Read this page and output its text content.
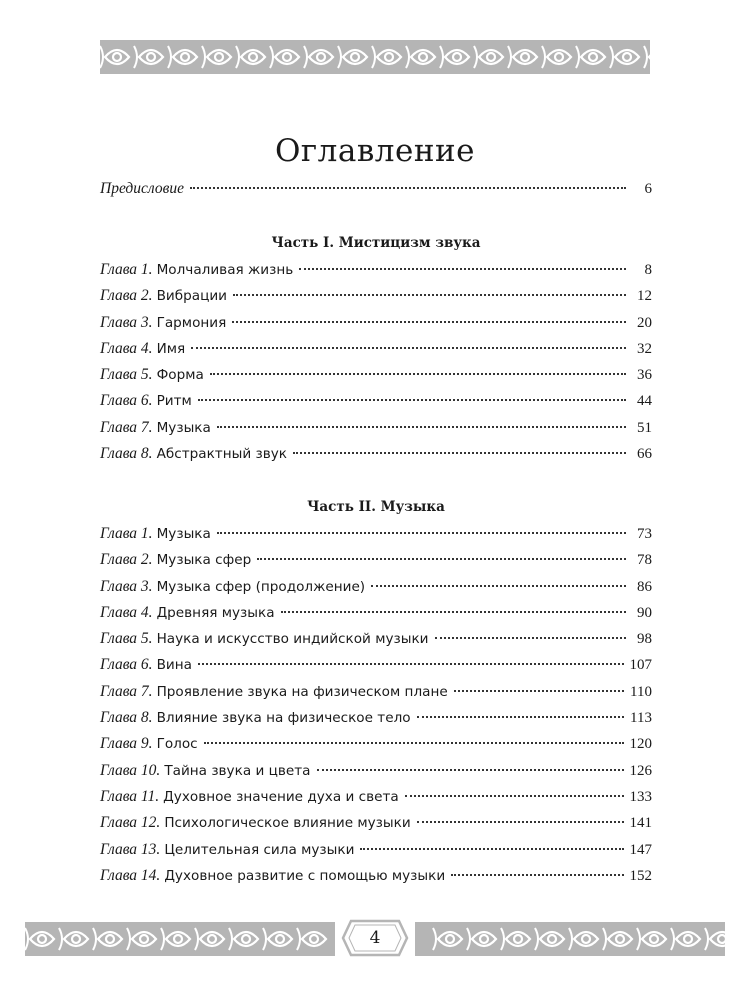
Оглавление
Предисловие	6
Часть I. Мистицизм звука
Глава 1. Молчаливая жизнь	8
Глава 2. Вибрации	12
Глава 3. Гармония	20
Глава 4. Имя	32
Глава 5. Форма	36
Глава 6. Ритм	44
Глава 7. Музыка	51
Глава 8. Абстрактный звук	66
Часть II. Музыка
Глава 1. Музыка	73
Глава 2. Музыка сфер	78
Глава 3. Музыка сфер (продолжение)	86
Глава 4. Древняя музыка	90
Глава 5. Наука и искусство индийской музыки	98
Глава 6. Вина	107
Глава 7. Проявление звука на физическом плане	110
Глава 8. Влияние звука на физическое тело	113
Глава 9. Голос	120
Глава 10. Тайна звука и цвета	126
Глава 11. Духовное значение духа и света	133
Глава 12. Психологическое влияние музыки	141
Глава 13. Целительная сила музыки	147
Глава 14. Духовное развитие с помощью музыки	152
4
